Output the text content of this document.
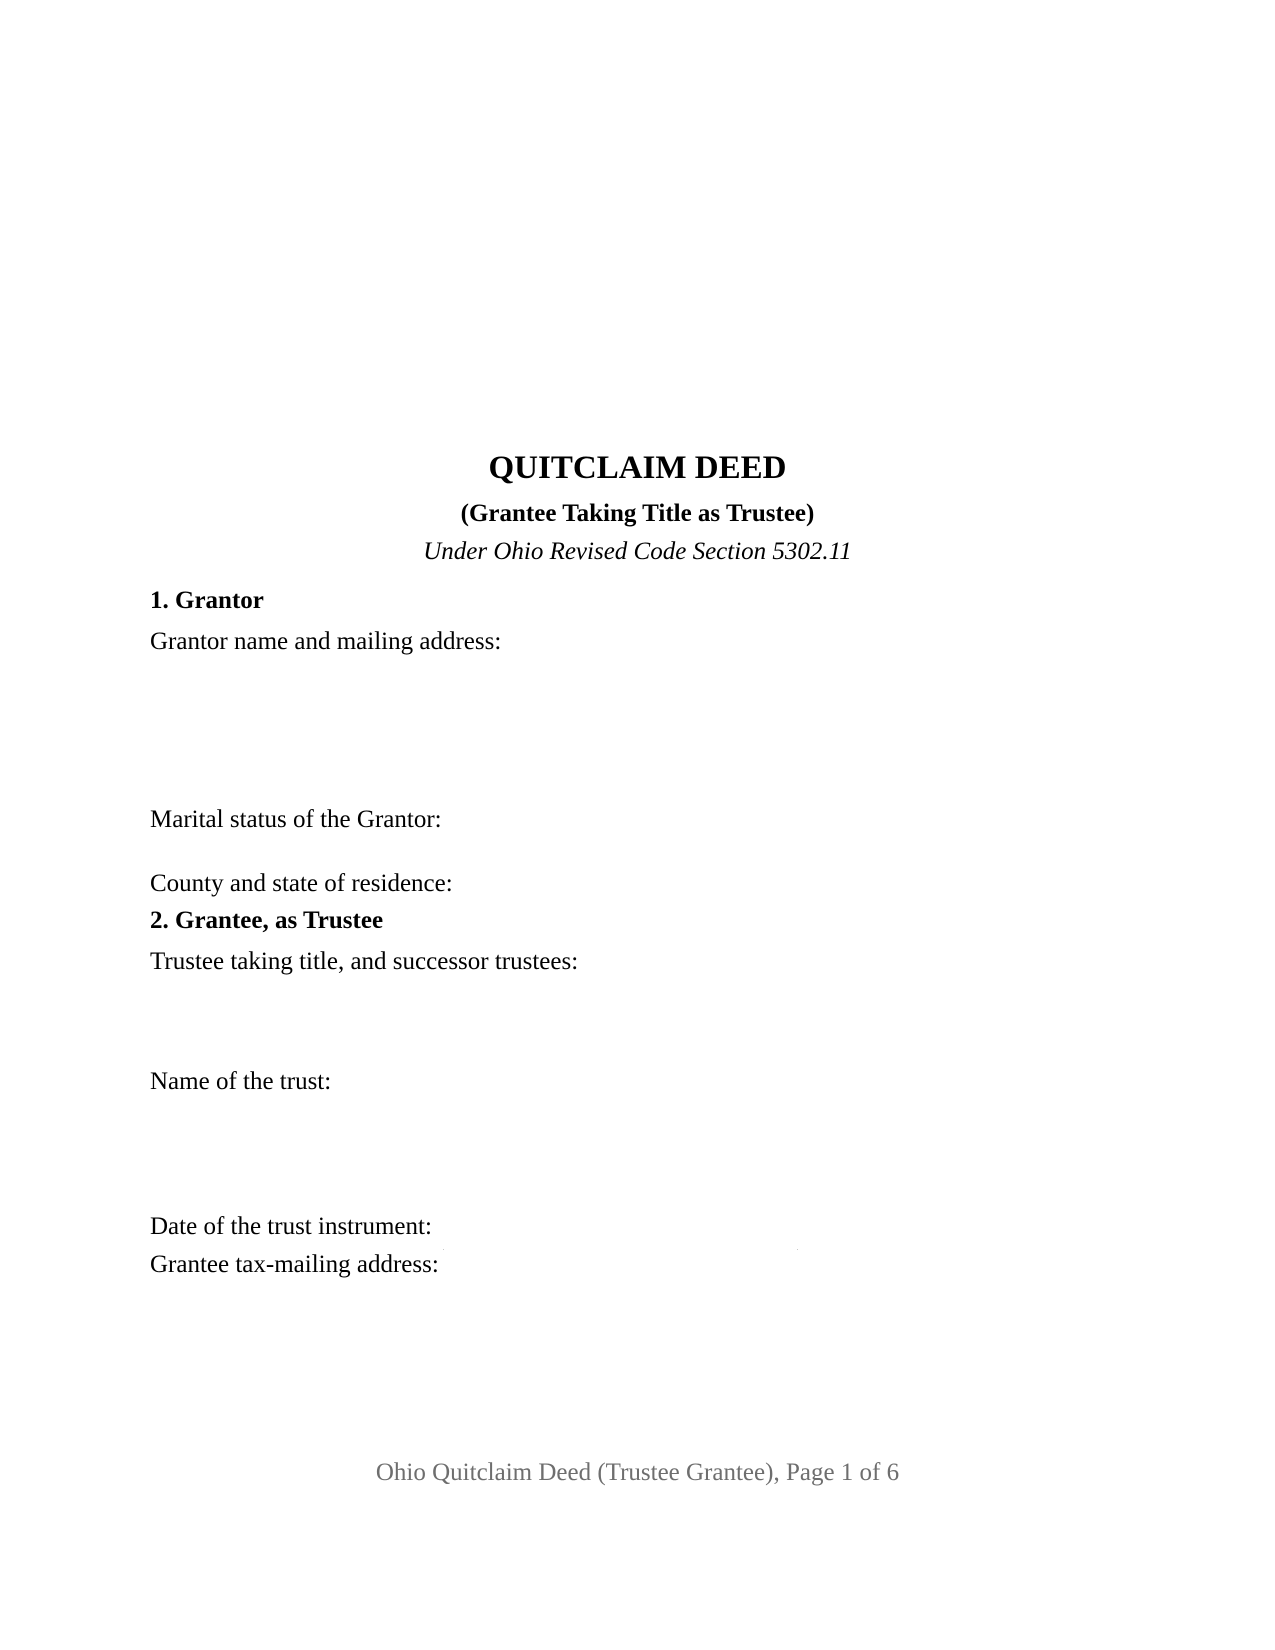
QUITCLAIM DEED
(Grantee Taking Title as Trustee)
Under Ohio Revised Code Section 5302.11
1. Grantor
Grantor name and mailing address:
Marital status of the Grantor:
County and state of residence:
2. Grantee, as Trustee
Trustee taking title, and successor trustees:
Name of the trust:
Date of the trust instrument:
Grantee tax-mailing address:
Ohio Quitclaim Deed (Trustee Grantee), Page 1 of 6
